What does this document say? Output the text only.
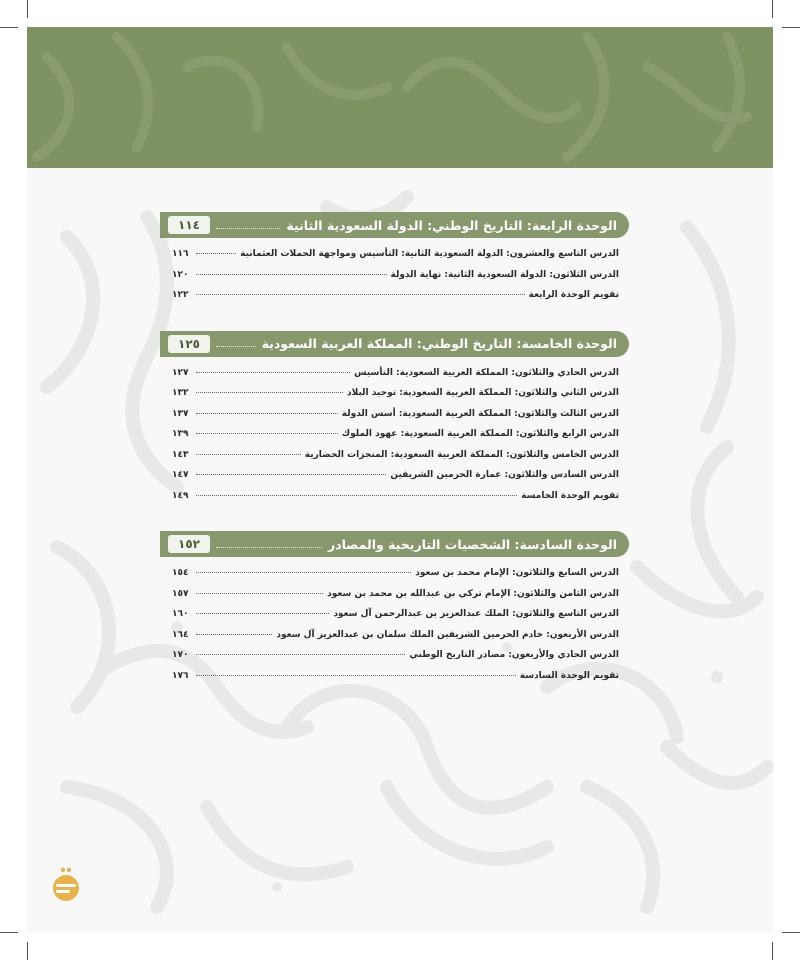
الوحدة الرابعة: التاريخ الوطني: الدولة السعودية الثانية
١١٤
الدرس التاسع والعشرون: الدولة السعودية الثانية: التأسيس ومواجهة الحملات العثمانية
١١٦
الدرس الثلاثون: الدولة السعودية الثانية: نهاية الدولة
١٢٠
تقويم الوحدة الرابعة
١٢٢
الوحدة الخامسة: التاريخ الوطني: المملكة العربية السعودية
١٢٥
الدرس الحادي والثلاثون: المملكة العربية السعودية: التأسيس
١٢٧
الدرس الثاني والثلاثون: المملكة العربية السعودية: توحيد البلاد
١٣٢
الدرس الثالث والثلاثون: المملكة العربية السعودية: أسس الدولة
١٣٧
الدرس الرابع والثلاثون: المملكة العربية السعودية: عهود الملوك
١٣٩
الدرس الخامس والثلاثون: المملكة العربية السعودية: المنجزات الحضارية
١٤٣
الدرس السادس والثلاثون: عمارة الحرمين الشريفين
١٤٧
تقويم الوحدة الخامسة
١٤٩
الوحدة السادسة: الشخصيات التاريخية والمصادر
١٥٢
الدرس السابع والثلاثون: الإمام محمد بن سعود
١٥٤
الدرس الثامن والثلاثون: الإمام تركي بن عبدالله بن محمد بن سعود
١٥٧
الدرس التاسع والثلاثون: الملك عبدالعزيز بن عبدالرحمن آل سعود
١٦٠
الدرس الأربعون: خادم الحرمين الشريفين الملك سلمان بن عبدالعزيز آل سعود
١٦٤
الدرس الحادي والأربعون: مصادر التاريخ الوطني
١٧٠
تقويم الوحدة السادسة
١٧٦
